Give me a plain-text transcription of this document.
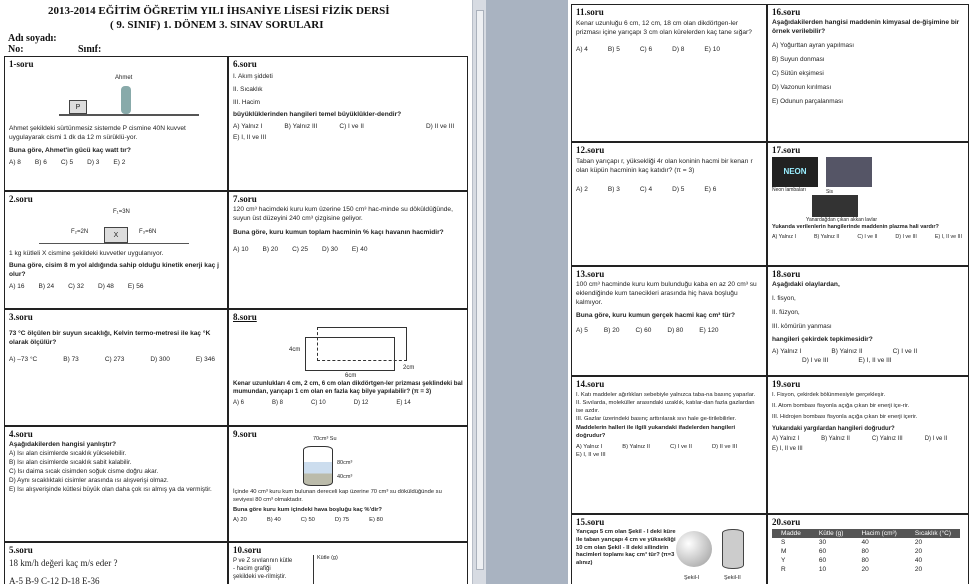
2013-2014 EĞİTİM ÖĞRETİM YILI İHSANİYE LİSESİ FİZİK DERSİ
( 9. SINIF) 1. DÖNEM 3. SINAV SORULARI
Adı soyadı:
No:	Sınıf:
1-soru
P
Ahmet
Ahmet şekildeki sürtünmesiz sistemde P cismine 40N kuvvet uygulayarak cismi 1 dk da 12 m sürüklü-yor.
Buna göre, Ahmet'in gücü kaç watt tır?
A) 8 B) 6 C) 5 D) 3 E) 2
2.soru
X
F₁=3N
F₂=2N	F₃=6N
1 kg kütleli X cismine şekildeki kuvvetler uygulanıyor.
Buna göre, cisim 8 m yol aldığında sahip olduğu kinetik enerji kaç j olur?
A) 16 B) 24 C) 32 D) 48 E) 56
3.soru
73 °C ölçülen bir suyun sıcaklığı, Kelvin termo-metresi ile kaç °K olarak ölçülür?
A) –73 °C	B) 73	C) 273	D) 300	E) 346
4.soru
Aşağıdakilerden hangisi yanlıştır?
A) Isı alan cisimlerde sıcaklık yükselebilir.
B) Isı alan cisimlerde sıcaklık sabit kalabilir.
C) Isı daima sıcak cisimden soğuk cisme doğru akar.
D) Aynı sıcaklıktaki cisimler arasında ısı alışverişi olmaz.
E) Isı alışverişinde kütlesi büyük olan daha çok ısı almış ya da vermiştir.
5.soru
18 km/h değeri kaç m/s eder ?
A-5 B-9 C-12 D-18 E-36
6.soru
I. Akım şiddeti
II. Sıcaklık
III. Hacim
büyüklüklerinden hangileri temel büyüklükler-dendir?
A) Yalnız I	B) Yalnız III	C) I ve II	D) II ve III
E) I, II ve III
7.soru
120 cm³ hacimdeki kuru kum üzerine 150 cm³ hac-minde su döküldüğünde, suyun üst düzeyini 240 cm³ çizgisine geliyor.
Buna göre, kuru kumun toplam hacminin % kaçı havanın hacmidir?
A) 10 B) 20 C) 25 D) 30 E) 40
8.soru
4cm
2cm
6cm
Kenar uzunlukları 4 cm, 2 cm, 6 cm olan dikdörtgen-ler prizması şeklindeki bal mumundan, yarıçapı 1 cm olan en fazla kaç bilye yapılabilir? (π = 3)
A) 6	B) 8	C) 10	D) 12	E) 14
9.soru	70cm³ Su
80cm³
40cm³
İçinde 40 cm³ kuru kum bulunan dereceli kap üzerine 70 cm³ su döküldüğünde su seviyesi 80 cm³ olmaktadır.
Buna göre kuru kum içindeki hava boşluğu kaç %'dir?
A) 20	B) 40	C) 50	D) 75	E) 80
10.soru
P ve Z sıvılarının kütle - hacim grafiği şekildeki ve-rilmiştir.
Kütle (g)
11.soru
Kenar uzunluğu 6 cm, 12 cm, 18 cm olan dikdörtgen-ler prizması içine yarıçapı 3 cm olan kürelerden kaç tane sığar?
A) 4	B) 5	C) 6	D) 8	E) 10
12.soru
Taban yarıçapı r, yüksekliği 4r olan koninin hacmi bir kenarı r olan küpün hacminin kaç katıdır? (π = 3)
A) 2	B) 3	C) 4	D) 5	E) 6
13.soru
100 cm³ hacminde kuru kum bulunduğu kaba en az 20 cm³ su eklendiğinde kum tanecikleri arasında hiç hava boşluğu kalmıyor.
Buna göre, kuru kumun gerçek hacmi kaç cm³ tür?
A) 5 B) 20 C) 60 D) 80 E) 120
14.soru
I. Katı maddeler ağırlıkları sebebiyle yalnızca taba-na basınç yaparlar.
II. Sıvılarda, moleküller arasındaki uzaklık, katılar-dan fazla gazlardan ise azdır.
III. Gazlar üzerindeki basınç arttırılarak sıvı hale ge-tirilebilirler.
Maddelerin halleri ile ilgili yukarıdaki ifadelerden hangileri doğrudur?
A) Yalnız I	B) Yalnız II	C) I ve II	D) II ve III
E) I, II ve III
15.soru
Yarıçapı 5 cm olan Şekil - I deki küre ile taban yarıçapı 4 cm ve yüksekliği 10 cm olan Şekil - II deki silindirin hacimleri toplamı kaç cm³ tür? (π=3 alınız)
Şekil-I	Şekil-II
16.soru
Aşağıdakilerden hangisi maddenin kimyasal de-ğişimine bir örnek verilebilir?
A) Yoğurttan ayran yapılması
B) Suyun donması
C) Sütün ekşimesi
D) Vazonun kırılması
E) Odunun parçalanması
17.soru
NEON
Neon lambaları	Sis
Yanardağdan çıkan akkan lavlar
Yukarıda verilenlerin hangilerinde maddenin plazma hali vardır?
A) Yalnız I	B) Yalnız II	C) I ve II	D) I ve III	E) I, II ve III
18.soru
Aşağıdaki olaylardan,
I. fisyon,
II. füzyon,
III. kömürün yanması
hangileri çekirdek tepkimesidir?
A) Yalnız I	B) Yalnız II	C) I ve II
D) I ve III	E) I, II ve III
19.soru
I. Fisyon, çekirdek bölünmesiyle gerçekleşir.
II. Atom bombası fisyonla açığa çıkan bir enerji içe-rir.
III. Hidrojen bombası fisyonla açığa çıkan bir enerji içerir.
Yukarıdaki yargılardan hangileri doğrudur?
A) Yalnız I	B) Yalnız II	C) Yalnız III	D) I ve II
E) I, II ve III
20.soru
Madde	Kütle (g)	Hacim (cm³)	Sıcaklık (°C)
S	30	40	20
M	60	80	20
Y	60	80	40
R	10	20	20
